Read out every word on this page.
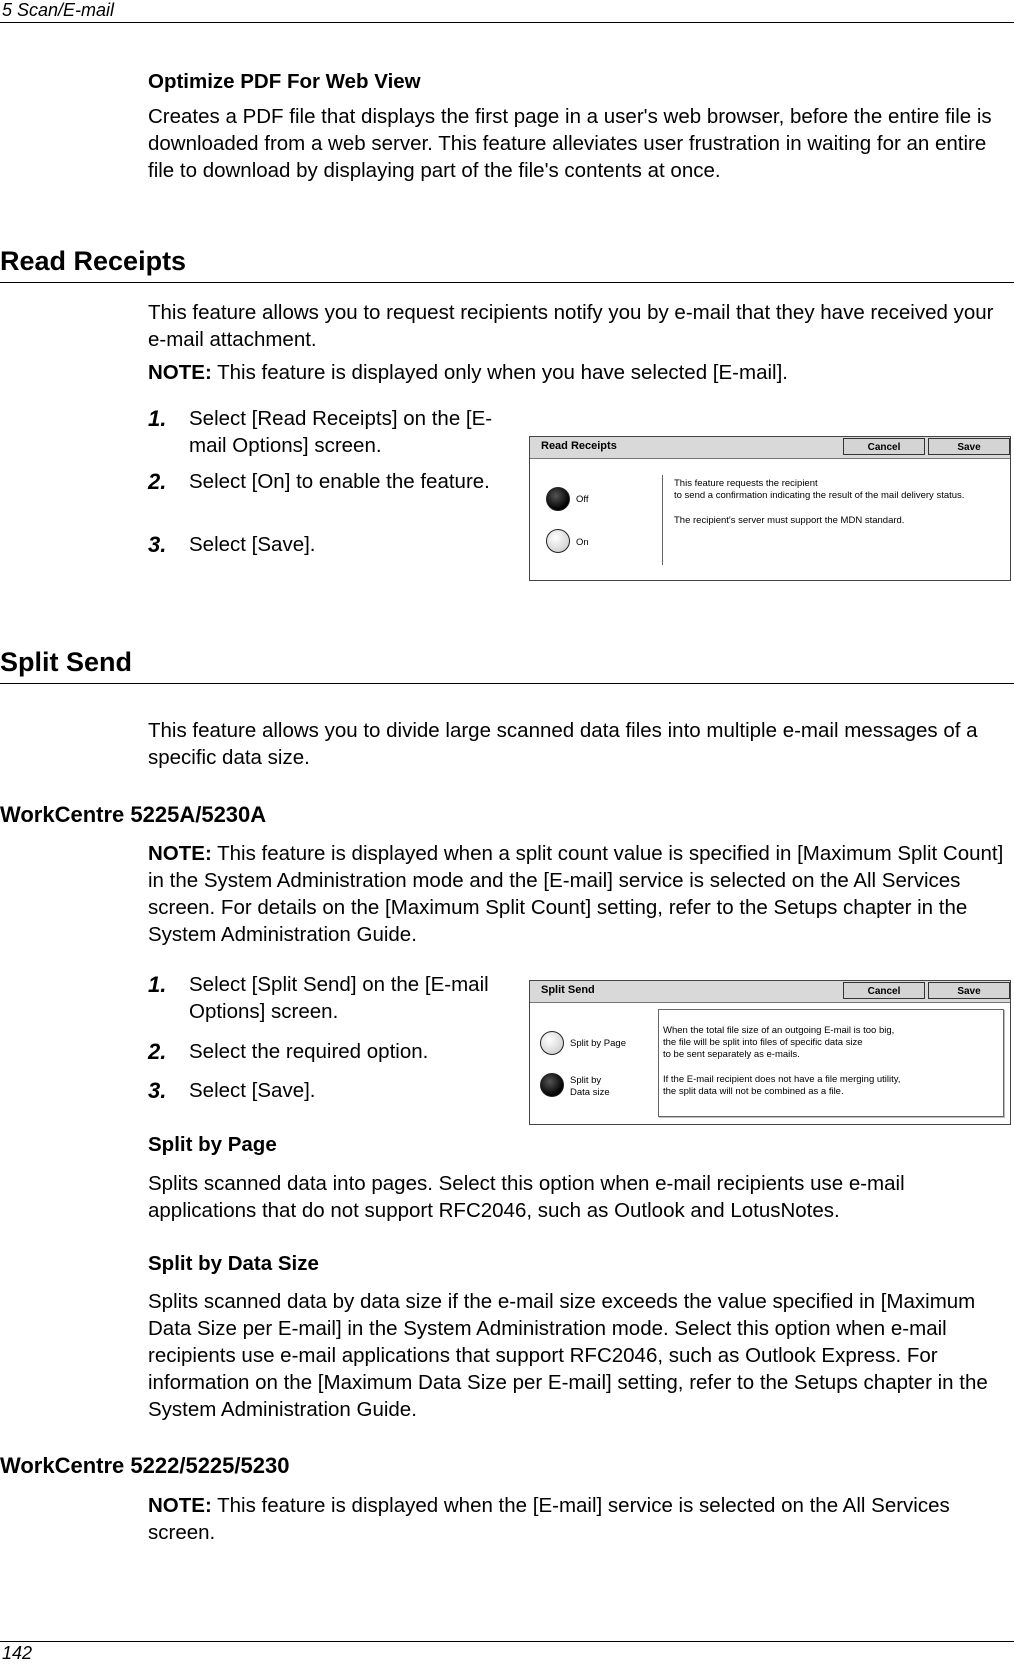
5 Scan/E-mail
Optimize PDF For Web View
Creates a PDF file that displays the first page in a user's web browser, before the entire file is downloaded from a web server. This feature alleviates user frustration in waiting for an entire file to download by displaying part of the file's contents at once.
Read Receipts
This feature allows you to request recipients notify you by e-mail that they have received your e-mail attachment.
NOTE: This feature is displayed only when you have selected [E-mail].
1. Select [Read Receipts] on the [E-mail Options] screen.
2. Select [On] to enable the feature.
3. Select [Save].
Read Receipts	Cancel	Save
Off
On
This feature requests the recipient
to send a confirmation indicating the result of the mail delivery status.
The recipient's server must support the MDN standard.
Split Send
This feature allows you to divide large scanned data files into multiple e-mail messages of a specific data size.
WorkCentre 5225A/5230A
NOTE: This feature is displayed when a split count value is specified in [Maximum Split Count] in the System Administration mode and the [E-mail] service is selected on the All Services screen. For details on the [Maximum Split Count] setting, refer to the Setups chapter in the System Administration Guide.
1. Select [Split Send] on the [E-mail Options] screen.
2. Select the required option.
3. Select [Save].
Split Send	Cancel	Save
Split by Page
Split by
Data size
When the total file size of an outgoing E-mail is too big,
the file will be split into files of specific data size
to be sent separately as e-mails.
If the E-mail recipient does not have a file merging utility,
the split data will not be combined as a file.
Split by Page
Splits scanned data into pages. Select this option when e-mail recipients use e-mail applications that do not support RFC2046, such as Outlook and LotusNotes.
Split by Data Size
Splits scanned data by data size if the e-mail size exceeds the value specified in [Maximum Data Size per E-mail] in the System Administration mode. Select this option when e-mail recipients use e-mail applications that support RFC2046, such as Outlook Express. For information on the [Maximum Data Size per E-mail] setting, refer to the Setups chapter in the System Administration Guide.
WorkCentre 5222/5225/5230
NOTE: This feature is displayed when the [E-mail] service is selected on the All Services screen.
142
